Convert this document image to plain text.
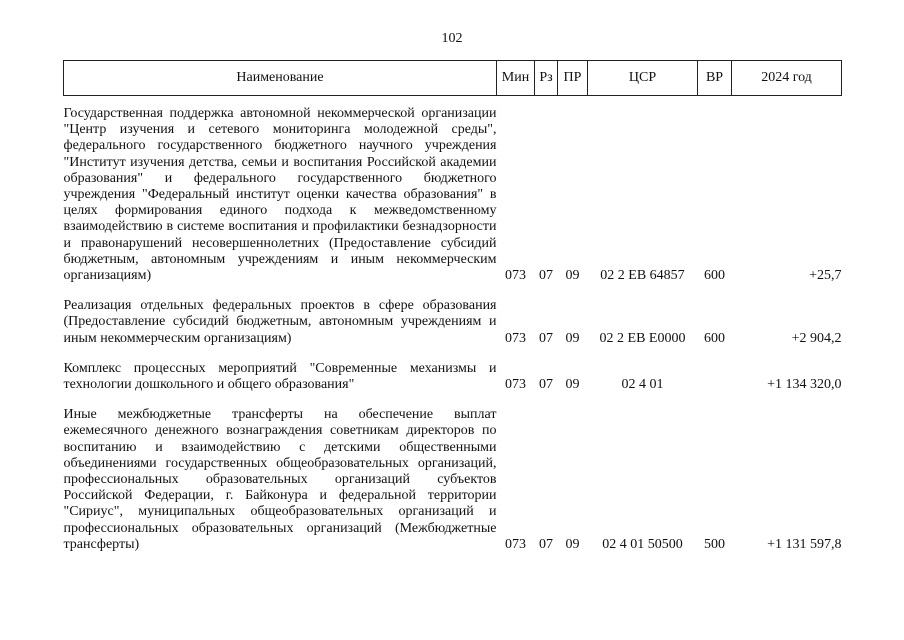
102
Наименование	Мин	Рз	ПР	ЦСР	ВР	2024 год

Государственная поддержка автономной некоммерческой организации "Центр изучения и сетевого мониторинга молодежной среды", федерального государственного бюджетного научного учреждения "Институт изучения детства, семьи и воспитания Российской академии образования" и федерального государственного бюджетного учреждения "Федеральный институт оценки качества образования" в целях формирования единого подхода к межведомственному взаимодействию в системе воспитания и профилактики безнадзорности и правонарушений несовершеннолетних (Предоставление субсидий бюджетным, автономным учреждениям и иным некоммерческим организациям)	073	07	09	02 2 EВ 64857	600	+25,7

Реализация отдельных федеральных проектов в сфере образования (Предоставление субсидий бюджетным, автономным учреждениям и иным некоммерческим организациям)	073	07	09	02 2 EВ E0000	600	+2 904,2

Комплекс процессных мероприятий "Современные механизмы и технологии дошкольного и общего образования"	073	07	09	02 4 01		+1 134 320,0

Иные межбюджетные трансферты на обеспечение выплат ежемесячного денежного вознаграждения советникам директоров по воспитанию и взаимодействию с детскими общественными объединениями государственных общеобразовательных организаций, профессиональных образовательных организаций субъектов Российской Федерации, г. Байконура и федеральной территории "Сириус", муниципальных общеобразовательных организаций и профессиональных образовательных организаций (Межбюджетные трансферты)	073	07	09	02 4 01 50500	500	+1 131 597,8
